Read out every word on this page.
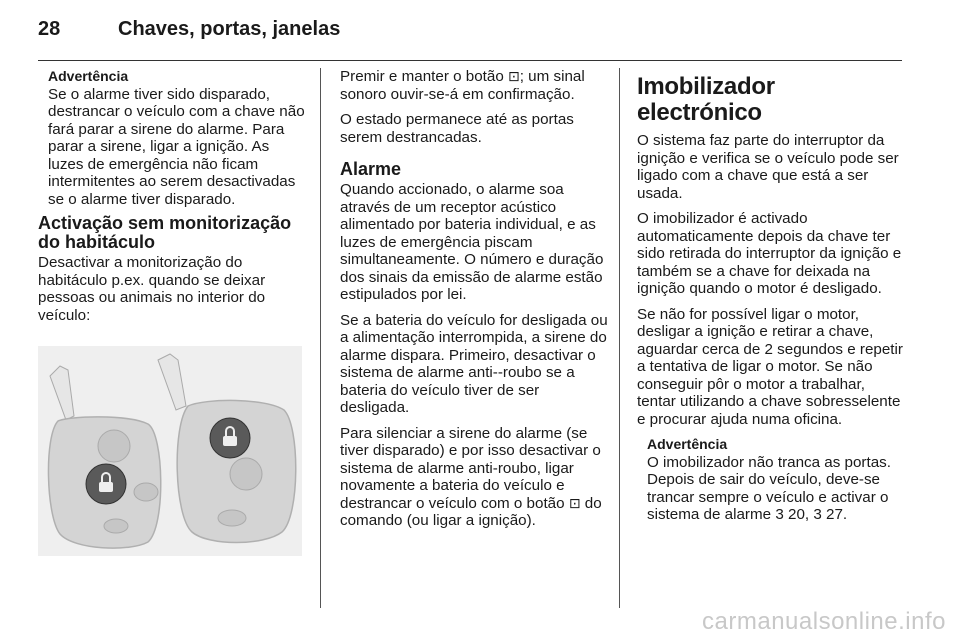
28	Chaves, portas, janelas
Advertência
Se o alarme tiver sido disparado, destrancar o veículo com a chave não fará parar a sirene do alarme. Para parar a sirene, ligar a ignição. As luzes de emergência não ficam intermitentes ao serem desactivadas se o alarme tiver disparado.
Activação sem monitorização do habitáculo

Desactivar a monitorização do habitáculo p.ex. quando se deixar pessoas ou animais no interior do veículo:

Premir e manter o botão ⊡; um sinal sonoro ouvir-se-á em confirmação.

O estado permanece até as portas serem destrancadas.

Alarme

Quando accionado, o alarme soa através de um receptor acústico alimentado por bateria individual, e as luzes de emergência piscam simultaneamente. O número e duração dos sinais da emissão de alarme estão estipulados por lei.

Se a bateria do veículo for desligada ou a alimentação interrompida, a sirene do alarme dispara. Primeiro, desactivar o sistema de alarme anti--roubo se a bateria do veículo tiver de ser desligada.

Para silenciar a sirene do alarme (se tiver disparado) e por isso desactivar o sistema de alarme anti-roubo, ligar novamente a bateria do veículo e destrancar o veículo com o botão ⊡ do comando (ou ligar a ignição).

Imobilizador electrónico

O sistema faz parte do interruptor da ignição e verifica se o veículo pode ser ligado com a chave que está a ser usada.

O imobilizador é activado automaticamente depois da chave ter sido retirada do interruptor da ignição e também se a chave for deixada na ignição quando o motor é desligado.

Se não for possível ligar o motor, desligar a ignição e retirar a chave, aguardar cerca de 2 segundos e repetir a tentativa de ligar o motor. Se não conseguir pôr o motor a trabalhar, tentar utilizando a chave sobresselente e procurar ajuda numa oficina.

Advertência
O imobilizador não tranca as portas. Depois de sair do veículo, deve-se trancar sempre o veículo e activar o sistema de alarme 3 20, 3 27.
carmanualsonline.info
